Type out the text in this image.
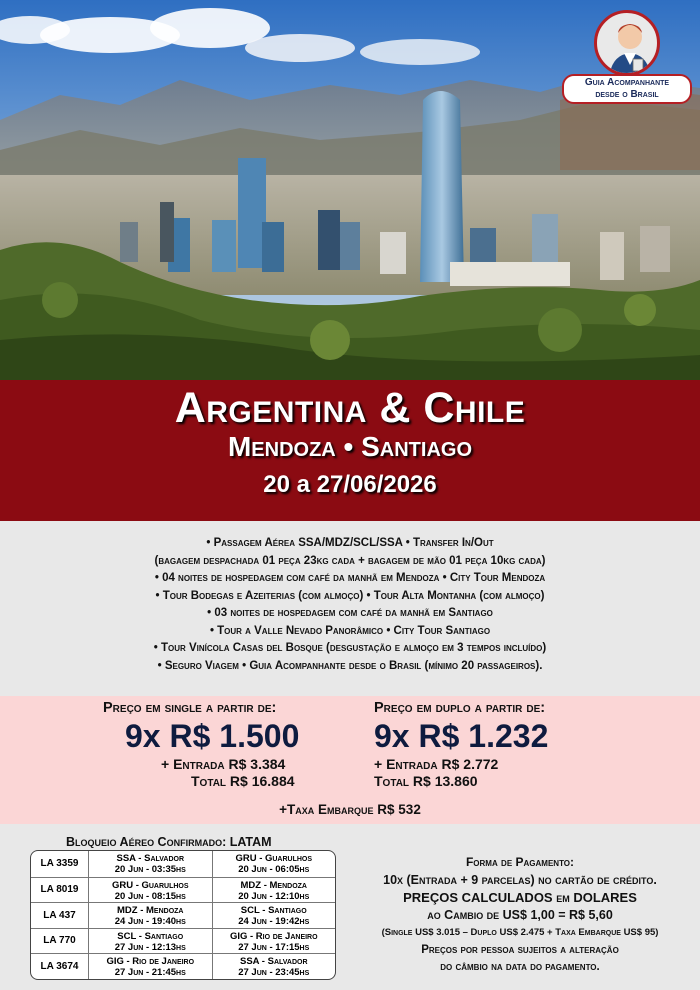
Guia Acompanhante
desde o Brasil
Argentina & Chile
Mendoza • Santiago
20 a 27/06/2026
• Passagem Aérea SSA/MDZ/SCL/SSA • Transfer In/Out
(bagagem despachada 01 peça 23kg cada + bagagem de mão 01 peça 10kg cada)
• 04 noites de hospedagem com café da manhã em Mendoza • City Tour Mendoza
• Tour Bodegas e Azeiterias (com almoço) • Tour Alta Montanha (com almoço)
• 03 noites de hospedagem com café da manhã em Santiago
• Tour a Valle Nevado Panorâmico • City Tour Santiago
• Tour Vinícola Casas del Bosque (desgustação e almoço em 3 tempos incluído)
• Seguro Viagem • Guia Acompanhante desde o Brasil (mínimo 20 passageiros).
Preço em single a partir de:
9x R$ 1.500
+ Entrada R$ 3.384
Total R$ 16.884
Preço em duplo a partir de:
9x R$ 1.232
+ Entrada R$ 2.772
Total R$ 13.860
+Taxa Embarque R$ 532
Bloqueio Aéreo Confirmado: LATAM
LA 3359	SSA - Salvador
20 Jun - 03:35hs
GRU - Guarulhos
20 Jun - 06:05hs
LA 8019	GRU - Guarulhos
20 Jun - 08:15hs
MDZ - Mendoza
20 Jun - 12:10hs
LA 437	MDZ - Mendoza
24 Jun - 19:40hs
SCL - Santiago
24 Jun - 19:42hs
LA 770	SCL - Santiago
27 Jun - 12:13hs
GIG - Rio de Janeiro
27 Jun - 17:15hs
LA 3674	GIG - Rio de Janeiro
27 Jun - 21:45hs
SSA - Salvador
27 Jun - 23:45hs
Forma de Pagamento:
10x (Entrada + 9 parcelas) no cartão de crédito.
PREÇOS CALCULADOS em DOLARES
ao Cambio de US$ 1,00 = R$ 5,60
(Single US$ 3.015 – Duplo US$ 2.475 + Taxa Embarque US$ 95)
Preços por pessoa sujeitos a alteração
do câmbio na data do pagamento.
